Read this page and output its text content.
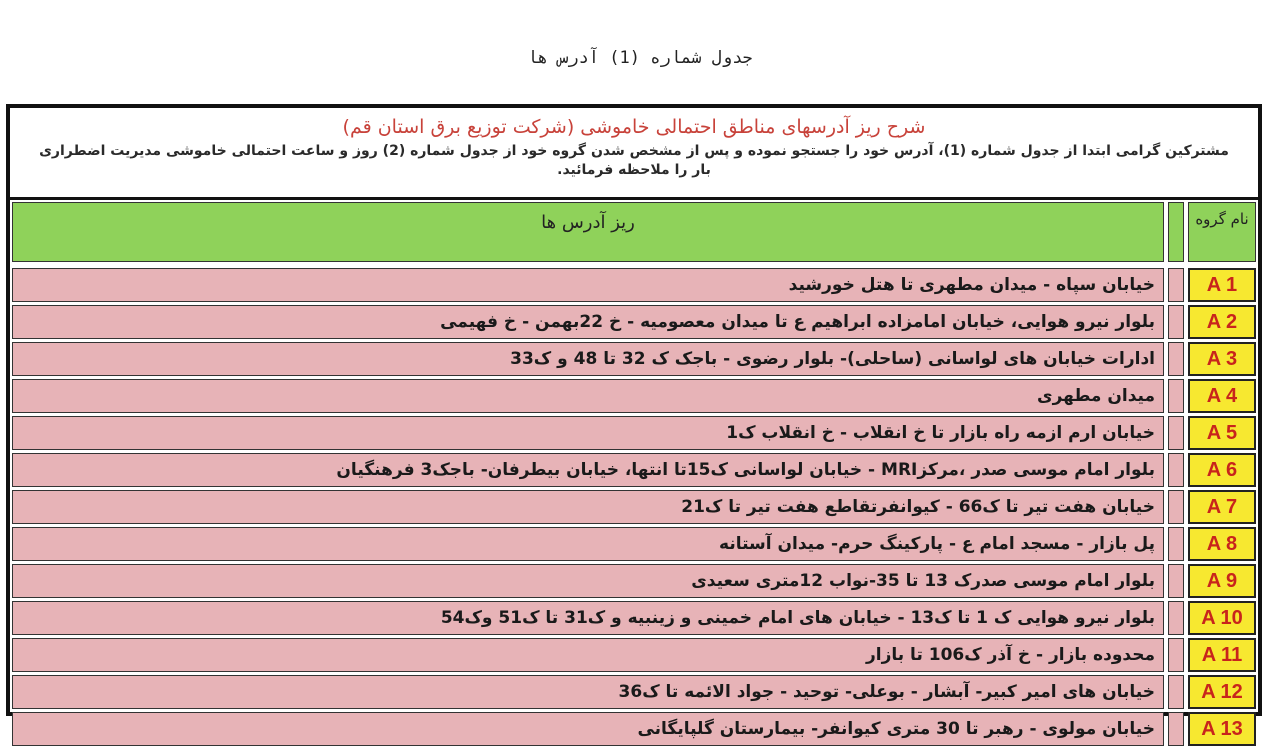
جدول شماره (1) آدرس ها
شرح ریز آدرسهای مناطق احتمالی خاموشی (شرکت توزیع برق استان قم)
مشترکین گرامی ابتدا از جدول شماره (1)، آدرس خود را جستجو نموده و پس از مشخص شدن گروه خود از جدول شماره (2) روز و ساعت احتمالی خاموشی مدیریت اضطراری بار را ملاحظه فرمائید.
ریز آدرس ها	نام گروه
خیابان سپاه - میدان مطهری تا هتل خورشید	A 1
بلوار نیرو هوایی، خیابان امامزاده ابراهیم ع تا میدان معصومیه - خ 22بهمن - خ فهیمی	A 2
ادارات خیابان های لواسانی (ساحلی)- بلوار رضوی - باجک ک 32 تا 48 و ک33	A 3
میدان مطهری	A 4
خیابان ارم ازمه راه بازار تا خ انقلاب - خ انقلاب ک1	A 5
بلوار امام موسی صدر ،مرکزMRI - خیابان لواسانی ک15تا انتها، خیابان بیطرفان- باجک3 فرهنگیان	A 6
خیابان هفت تیر تا ک66 - کیوانفرتقاطع هفت تیر تا ک21	A 7
پل بازار - مسجد امام ع - پارکینگ حرم- میدان آستانه	A 8
بلوار امام موسی صدرک 13 تا 35-نواب 12متری سعیدی	A 9
بلوار نیرو هوایی ک 1 تا ک13 - خیابان های امام خمینی و زینبیه و ک31 تا ک51 وک54	A 10
محدوده بازار - خ آذر ک106 تا بازار	A 11
خیابان های امیر کبیر- آبشار - بوعلی- توحید - جواد الائمه تا ک36	A 12
خیابان مولوی - رهبر تا 30 متری کیوانفر- بیمارستان گلپایگانی	A 13
